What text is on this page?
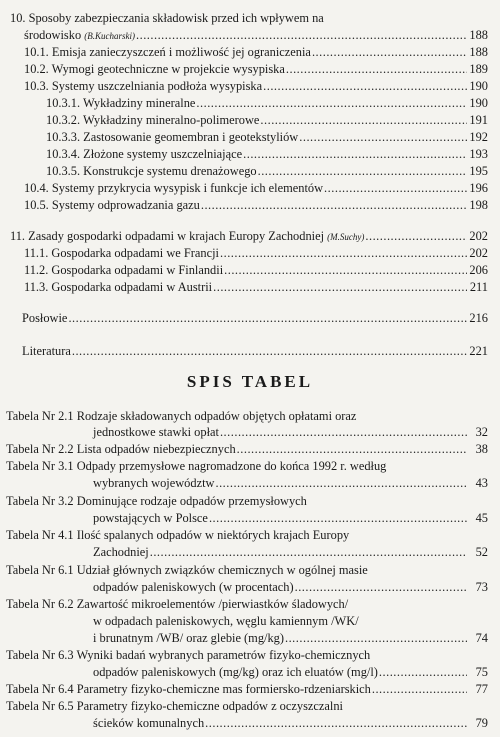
10. Sposoby zabezpieczania składowisk przed ich wpływem na
środowisko (B.Kucharski) .....	188
10.1. Emisja zanieczyszczeń i możliwość jej ograniczenia .....	188
10.2. Wymogi geotechniczne w projekcie wysypiska .....	189
10.3. Systemy uszczelniania podłoża wysypiska .....	190
10.3.1. Wykładziny mineralne .....	190
10.3.2. Wykładziny mineralno-polimerowe .....	191
10.3.3. Zastosowanie geomembran i geotekstyliów .....	192
10.3.4. Złożone systemy uszczelniające .....	193
10.3.5. Konstrukcje systemu drenażowego .....	195
10.4. Systemy przykrycia wysypisk i funkcje ich elementów .....	196
10.5. Systemy odprowadzania gazu .....	198
11. Zasady gospodarki odpadami w krajach Europy Zachodniej (M.Suchy) .....	202
11.1. Gospodarka odpadami we Francji .....	202
11.2. Gospodarka odpadami w Finlandii .....	206
11.3. Gospodarka odpadami w Austrii .....	211
Posłowie .....	216
Literatura .....	221
SPIS TABEL
Tabela Nr 2.1 Rodzaje składowanych odpadów objętych opłatami oraz
jednostkowe stawki opłat .....	32
Tabela Nr 2.2 Lista odpadów niebezpiecznych .....	38
Tabela Nr 3.1 Odpady przemysłowe nagromadzone do końca 1992 r. według
wybranych województw .....	43
Tabela Nr 3.2 Dominujące rodzaje odpadów przemysłowych
powstających w Polsce .....	45
Tabela Nr 4.1 Ilość spalanych odpadów w niektórych krajach Europy
Zachodniej .....	52
Tabela Nr 6.1 Udział głównych związków chemicznych w ogólnej masie
odpadów paleniskowych (w procentach) .....	73
Tabela Nr 6.2 Zawartość mikroelementów /pierwiastków śladowych/
w odpadach paleniskowych, węglu kamiennym /WK/
i brunatnym /WB/ oraz glebie (mg/kg) .....	74
Tabela Nr 6.3 Wyniki badań wybranych parametrów fizyko-chemicznych
odpadów paleniskowych (mg/kg) oraz ich eluatów (mg/l) .....	75
Tabela Nr 6.4 Parametry fizyko-chemiczne mas formiersko-rdzeniarskich .....	77
Tabela Nr 6.5 Parametry fizyko-chemiczne odpadów z oczyszczalni
ścieków komunalnych .....	79
